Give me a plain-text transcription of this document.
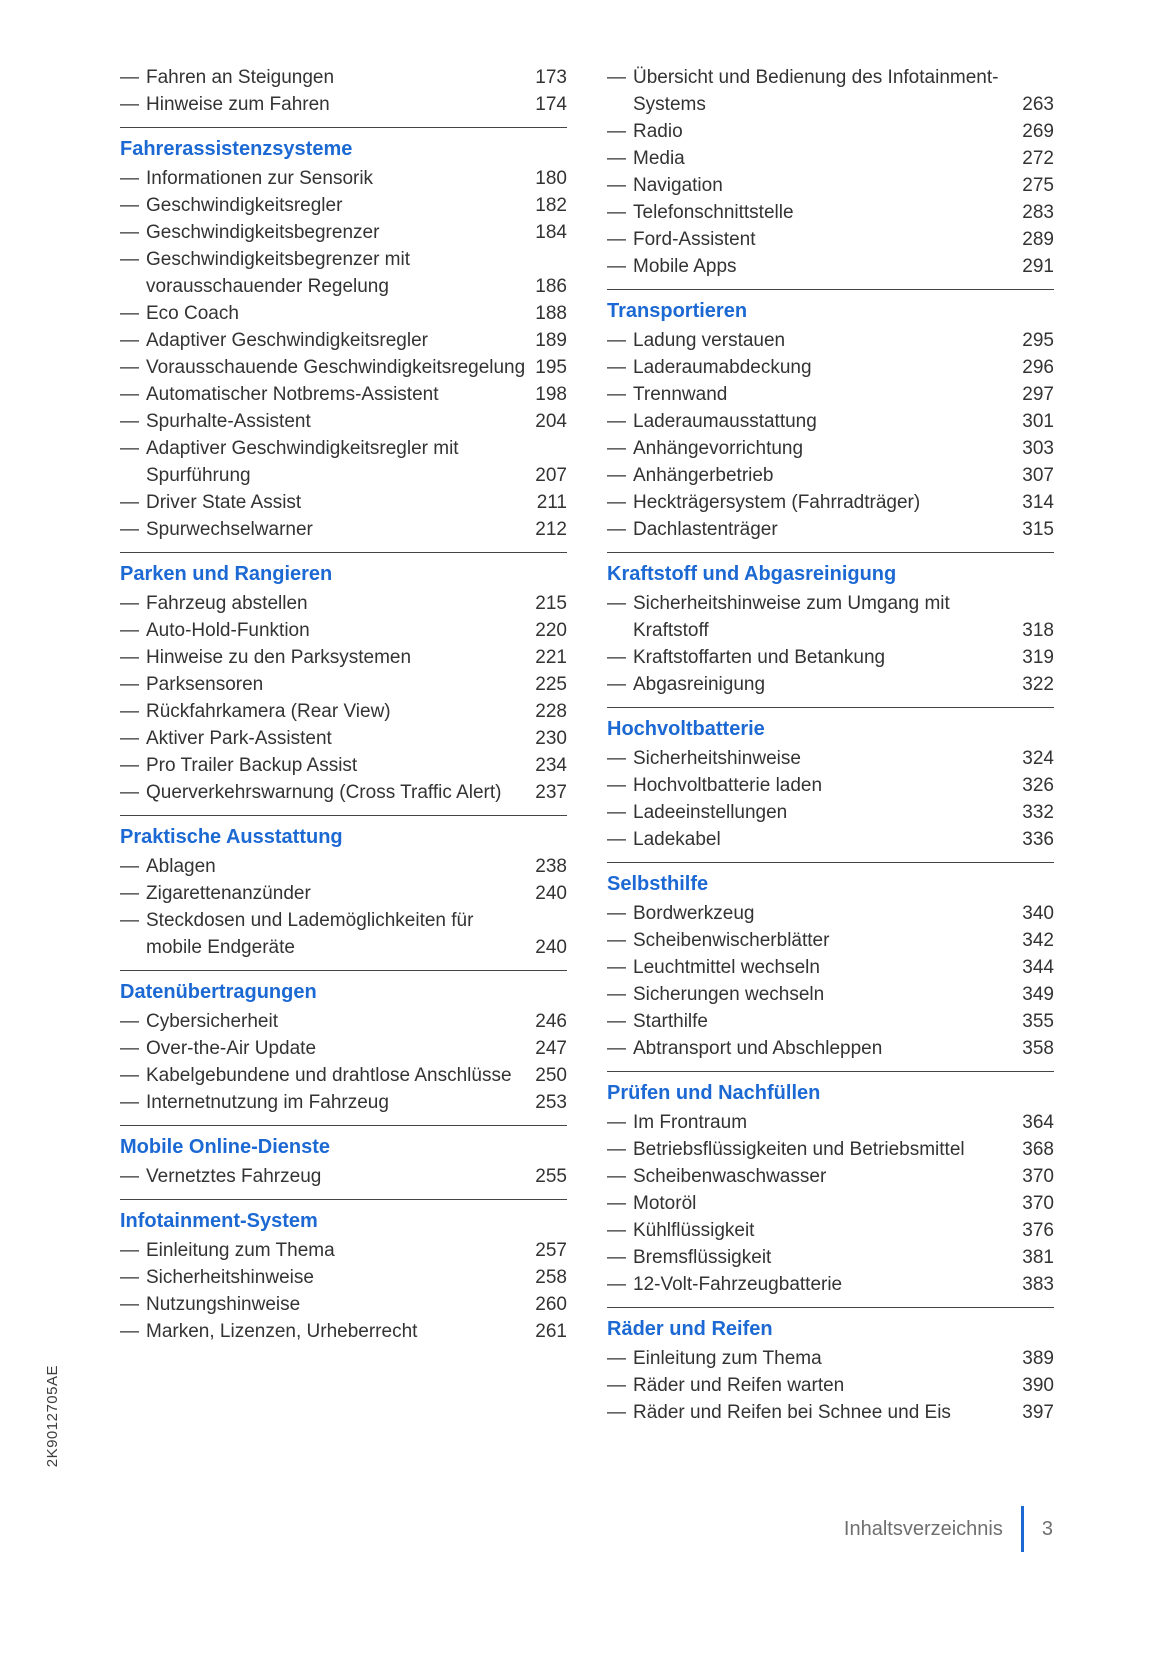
— Fahren an Steigungen	173
— Hinweise zum Fahren	174
Fahrerassistenzsysteme
— Informationen zur Sensorik	180
— Geschwindigkeitsregler	182
— Geschwindigkeitsbegrenzer	184
— Geschwindigkeitsbegrenzer mit vorausschauender Regelung	186
— Eco Coach	188
— Adaptiver Geschwindigkeitsregler	189
— Vorausschauende Geschwindigkeitsregelung 195
— Automatischer Notbrems-Assistent	198
— Spurhalte-Assistent	204
— Adaptiver Geschwindigkeitsregler mit Spurführung	207
— Driver State Assist	211
— Spurwechselwarner	212
Parken und Rangieren
— Fahrzeug abstellen	215
— Auto-Hold-Funktion	220
— Hinweise zu den Parksystemen	221
— Parksensoren	225
— Rückfahrkamera (Rear View)	228
— Aktiver Park-Assistent	230
— Pro Trailer Backup Assist	234
— Querverkehrswarnung (Cross Traffic Alert)	237
Praktische Ausstattung
— Ablagen	238
— Zigarettenanzünder	240
— Steckdosen und Lademöglichkeiten für mobile Endgeräte	240
Datenübertragungen
— Cybersicherheit	246
— Over-the-Air Update	247
— Kabelgebundene und drahtlose Anschlüsse	250
— Internetnutzung im Fahrzeug	253
Mobile Online-Dienste
— Vernetztes Fahrzeug	255
Infotainment-System
— Einleitung zum Thema	257
— Sicherheitshinweise	258
— Nutzungshinweise	260
— Marken, Lizenzen, Urheberrecht	261
— Übersicht und Bedienung des Infotainment-Systems	263
— Radio	269
— Media	272
— Navigation	275
— Telefonschnittstelle	283
— Ford-Assistent	289
— Mobile Apps	291
Transportieren
— Ladung verstauen	295
— Laderaumabdeckung	296
— Trennwand	297
— Laderaumausstattung	301
— Anhängevorrichtung	303
— Anhängerbetrieb	307
— Heckträgersystem (Fahrradträger)	314
— Dachlastenträger	315
Kraftstoff und Abgasreinigung
— Sicherheitshinweise zum Umgang mit Kraftstoff	318
— Kraftstoffarten und Betankung	319
— Abgasreinigung	322
Hochvoltbatterie
— Sicherheitshinweise	324
— Hochvoltbatterie laden	326
— Ladeeinstellungen	332
— Ladekabel	336
Selbsthilfe
— Bordwerkzeug	340
— Scheibenwischerblätter	342
— Leuchtmittel wechseln	344
— Sicherungen wechseln	349
— Starthilfe	355
— Abtransport und Abschleppen	358
Prüfen und Nachfüllen
— Im Frontraum	364
— Betriebsflüssigkeiten und Betriebsmittel	368
— Scheibenwaschwasser	370
— Motoröl	370
— Kühlflüssigkeit	376
— Bremsflüssigkeit	381
— 12-Volt-Fahrzeugbatterie	383
Räder und Reifen
— Einleitung zum Thema	389
— Räder und Reifen warten	390
— Räder und Reifen bei Schnee und Eis	397
2K9012705AE
Inhaltsverzeichnis 3
